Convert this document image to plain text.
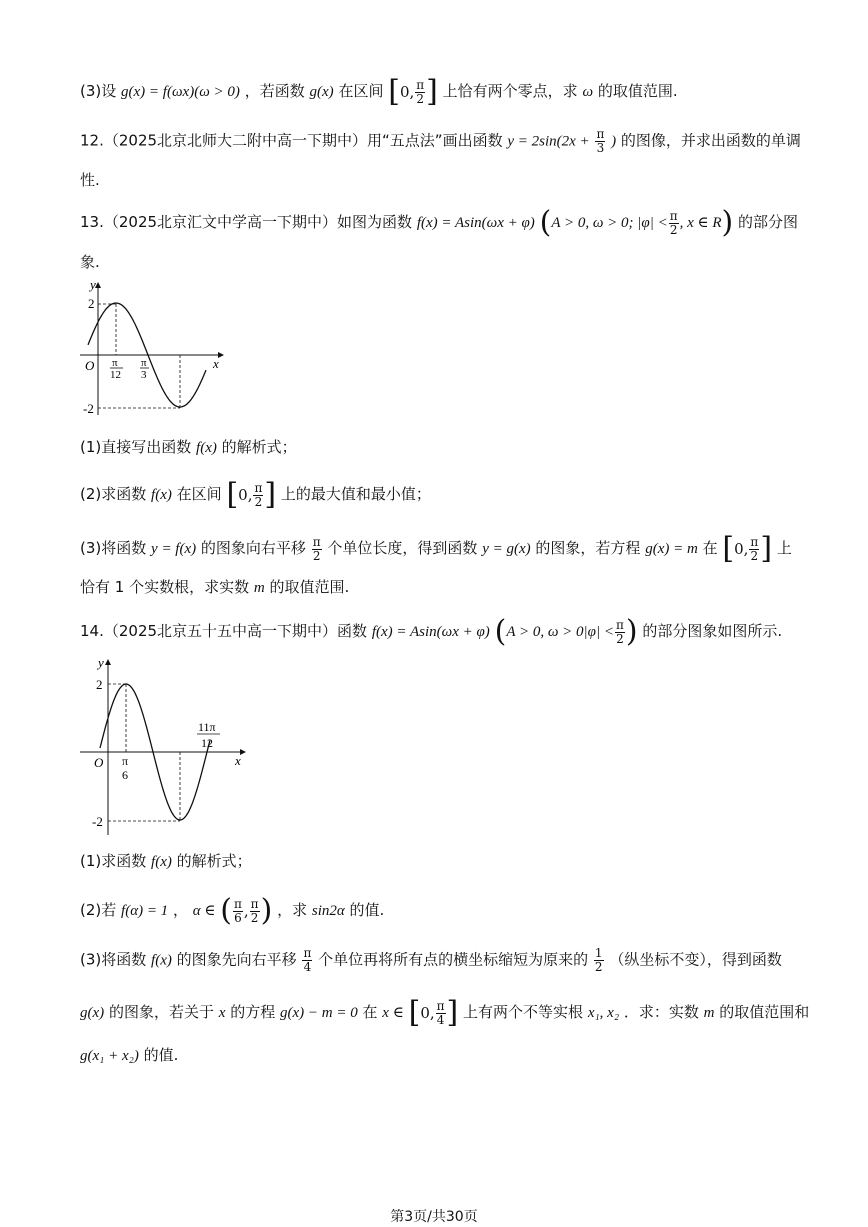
(3)设 g(x) = f(ωx)(ω > 0) ，若函数 g(x) 在区间 [ 0, $\frac{\pi}{2}$ ] 上恰有两个零点，求 ω 的取值范围.
12.（2025北京北师大二附中高一下期中）用“五点法”画出函数 $y = 2\sin(2x + \frac{\pi}{3}$ ) 的图像，并求出函数的单调
性.
13.（2025北京汇文中学高一下期中）如图为函数 f(x) = Asin(ωx + φ) ( A > 0, ω > 0; $|\varphi| < \frac{\pi}{2}$ , x ∈ R ) 的部分图
象.
y
x
O
2
-2
π
12
π
3
(1)直接写出函数 f(x) 的解析式；
(2)求函数 f(x) 在区间 [ 0, $\frac{\pi}{2}$ ] 上的最大值和最小值；
(3)将函数 y = f(x) 的图象向右平移 $\frac{\pi}{2}$ 个单位长度，得到函数 y = g(x) 的图象，若方程 g(x) = m 在 [ 0, $\frac{\pi}{2}$ ] 上
恰有 1 个实数根，求实数 m 的取值范围.
14.（2025北京五十五中高一下期中）函数 f(x) = Asin(ωx + φ) ( A > 0, $\omega > 0|\varphi| < \frac{\pi}{2}$ ) 的部分图象如图所示.
y
x
O
2
-2
π
6
11π
12
(1)求函数 f(x) 的解析式；
(2)若 f(α) = 1 ， α ∈ ( $\frac{\pi}{6}$ , $\frac{\pi}{2}$ ) ，求 sin2α 的值.
(3)将函数 f(x) 的图象先向右平移 $\frac{\pi}{4}$ 个单位再将所有点的横坐标缩短为原来的 $\frac{1}{2}$ （纵坐标不变），得到函数
g(x) 的图象，若关于 x 的方程 g(x) − m = 0 在 x ∈ [ 0, $\frac{\pi}{4}$ ] 上有两个不等实根 x₁, x₂ ．求：实数 m 的取值范围和
g(x₁ + x₂) 的值.
第3页/共30页
